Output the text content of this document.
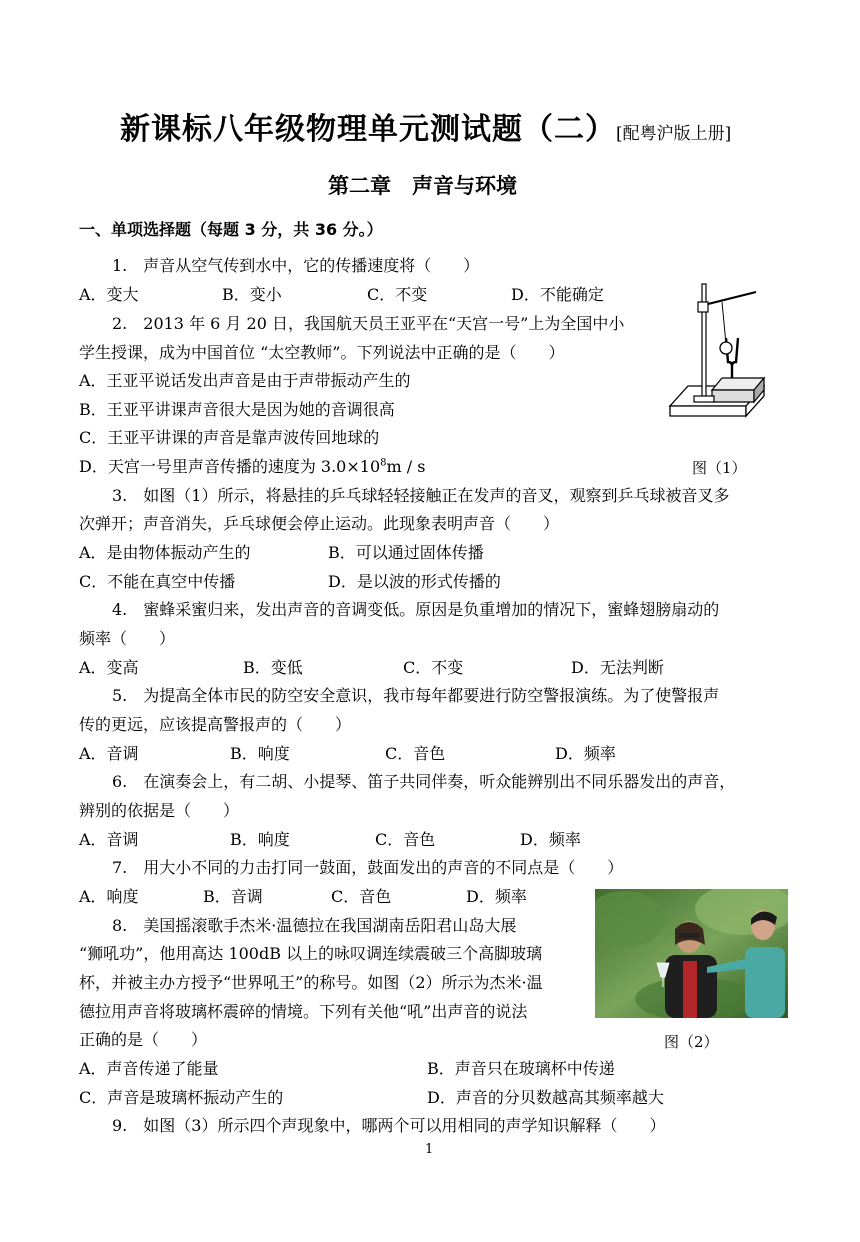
新课标八年级物理单元测试题（二）[配粤沪版上册]
第二章　声音与环境
一、单项选择题（每题 3 分，共 36 分。）
1.　声音从空气传到水中，它的传播速度将（　　）
A．变大	B．变小	C．不变	D．不能确定
图（1）
2.　2013 年 6 月 20 日，我国航天员王亚平在“天宫一号”上为全国中小
学生授课，成为中国首位 “太空教师”。下列说法中正确的是（　　）
A．王亚平说话发出声音是由于声带振动产生的
B．王亚平讲课声音很大是因为她的音调很高
C．王亚平讲课的声音是靠声波传回地球的
D．天宫一号里声音传播的速度为 $3.0\times 10^8m / s$
3.　如图（1）所示，将悬挂的乒乓球轻轻接触正在发声的音叉，观察到乒乓球被音叉多
次弹开；声音消失，乒乓球便会停止运动。此现象表明声音（　　）
A．是由物体振动产生的	B．可以通过固体传播
C．不能在真空中传播	D．是以波的形式传播的
4.　蜜蜂采蜜归来，发出声音的音调变低。原因是负重增加的情况下，蜜蜂翅膀扇动的
频率（　　）
A．变高	B．变低	C．不变	D．无法判断
5.　为提高全体市民的防空安全意识，我市每年都要进行防空警报演练。为了使警报声
传的更远，应该提高警报声的（　　）
A．音调	B．响度	C．音色	D．频率
6.　在演奏会上，有二胡、小提琴、笛子共同伴奏，听众能辨别出不同乐器发出的声音，
辨别的依据是（　　）
A．音调	B．响度	C．音色	D．频率
7.　用大小不同的力击打同一鼓面，鼓面发出的声音的不同点是（　　）
A．响度	B．音调	C．音色	D．频率
图（2）
8.　美国摇滚歌手杰米·温德拉在我国湖南岳阳君山岛大展
“狮吼功”，他用高达 100dB 以上的咏叹调连续震破三个高脚玻璃
杯，并被主办方授予“世界吼王”的称号。如图（2）所示为杰米·温
德拉用声音将玻璃杯震碎的情境。下列有关他“吼”出声音的说法
正确的是（　　）
A．声音传递了能量	B．声音只在玻璃杯中传递
C．声音是玻璃杯振动产生的	D．声音的分贝数越高其频率越大
9.　如图（3）所示四个声现象中，哪两个可以用相同的声学知识解释（　　）
1
